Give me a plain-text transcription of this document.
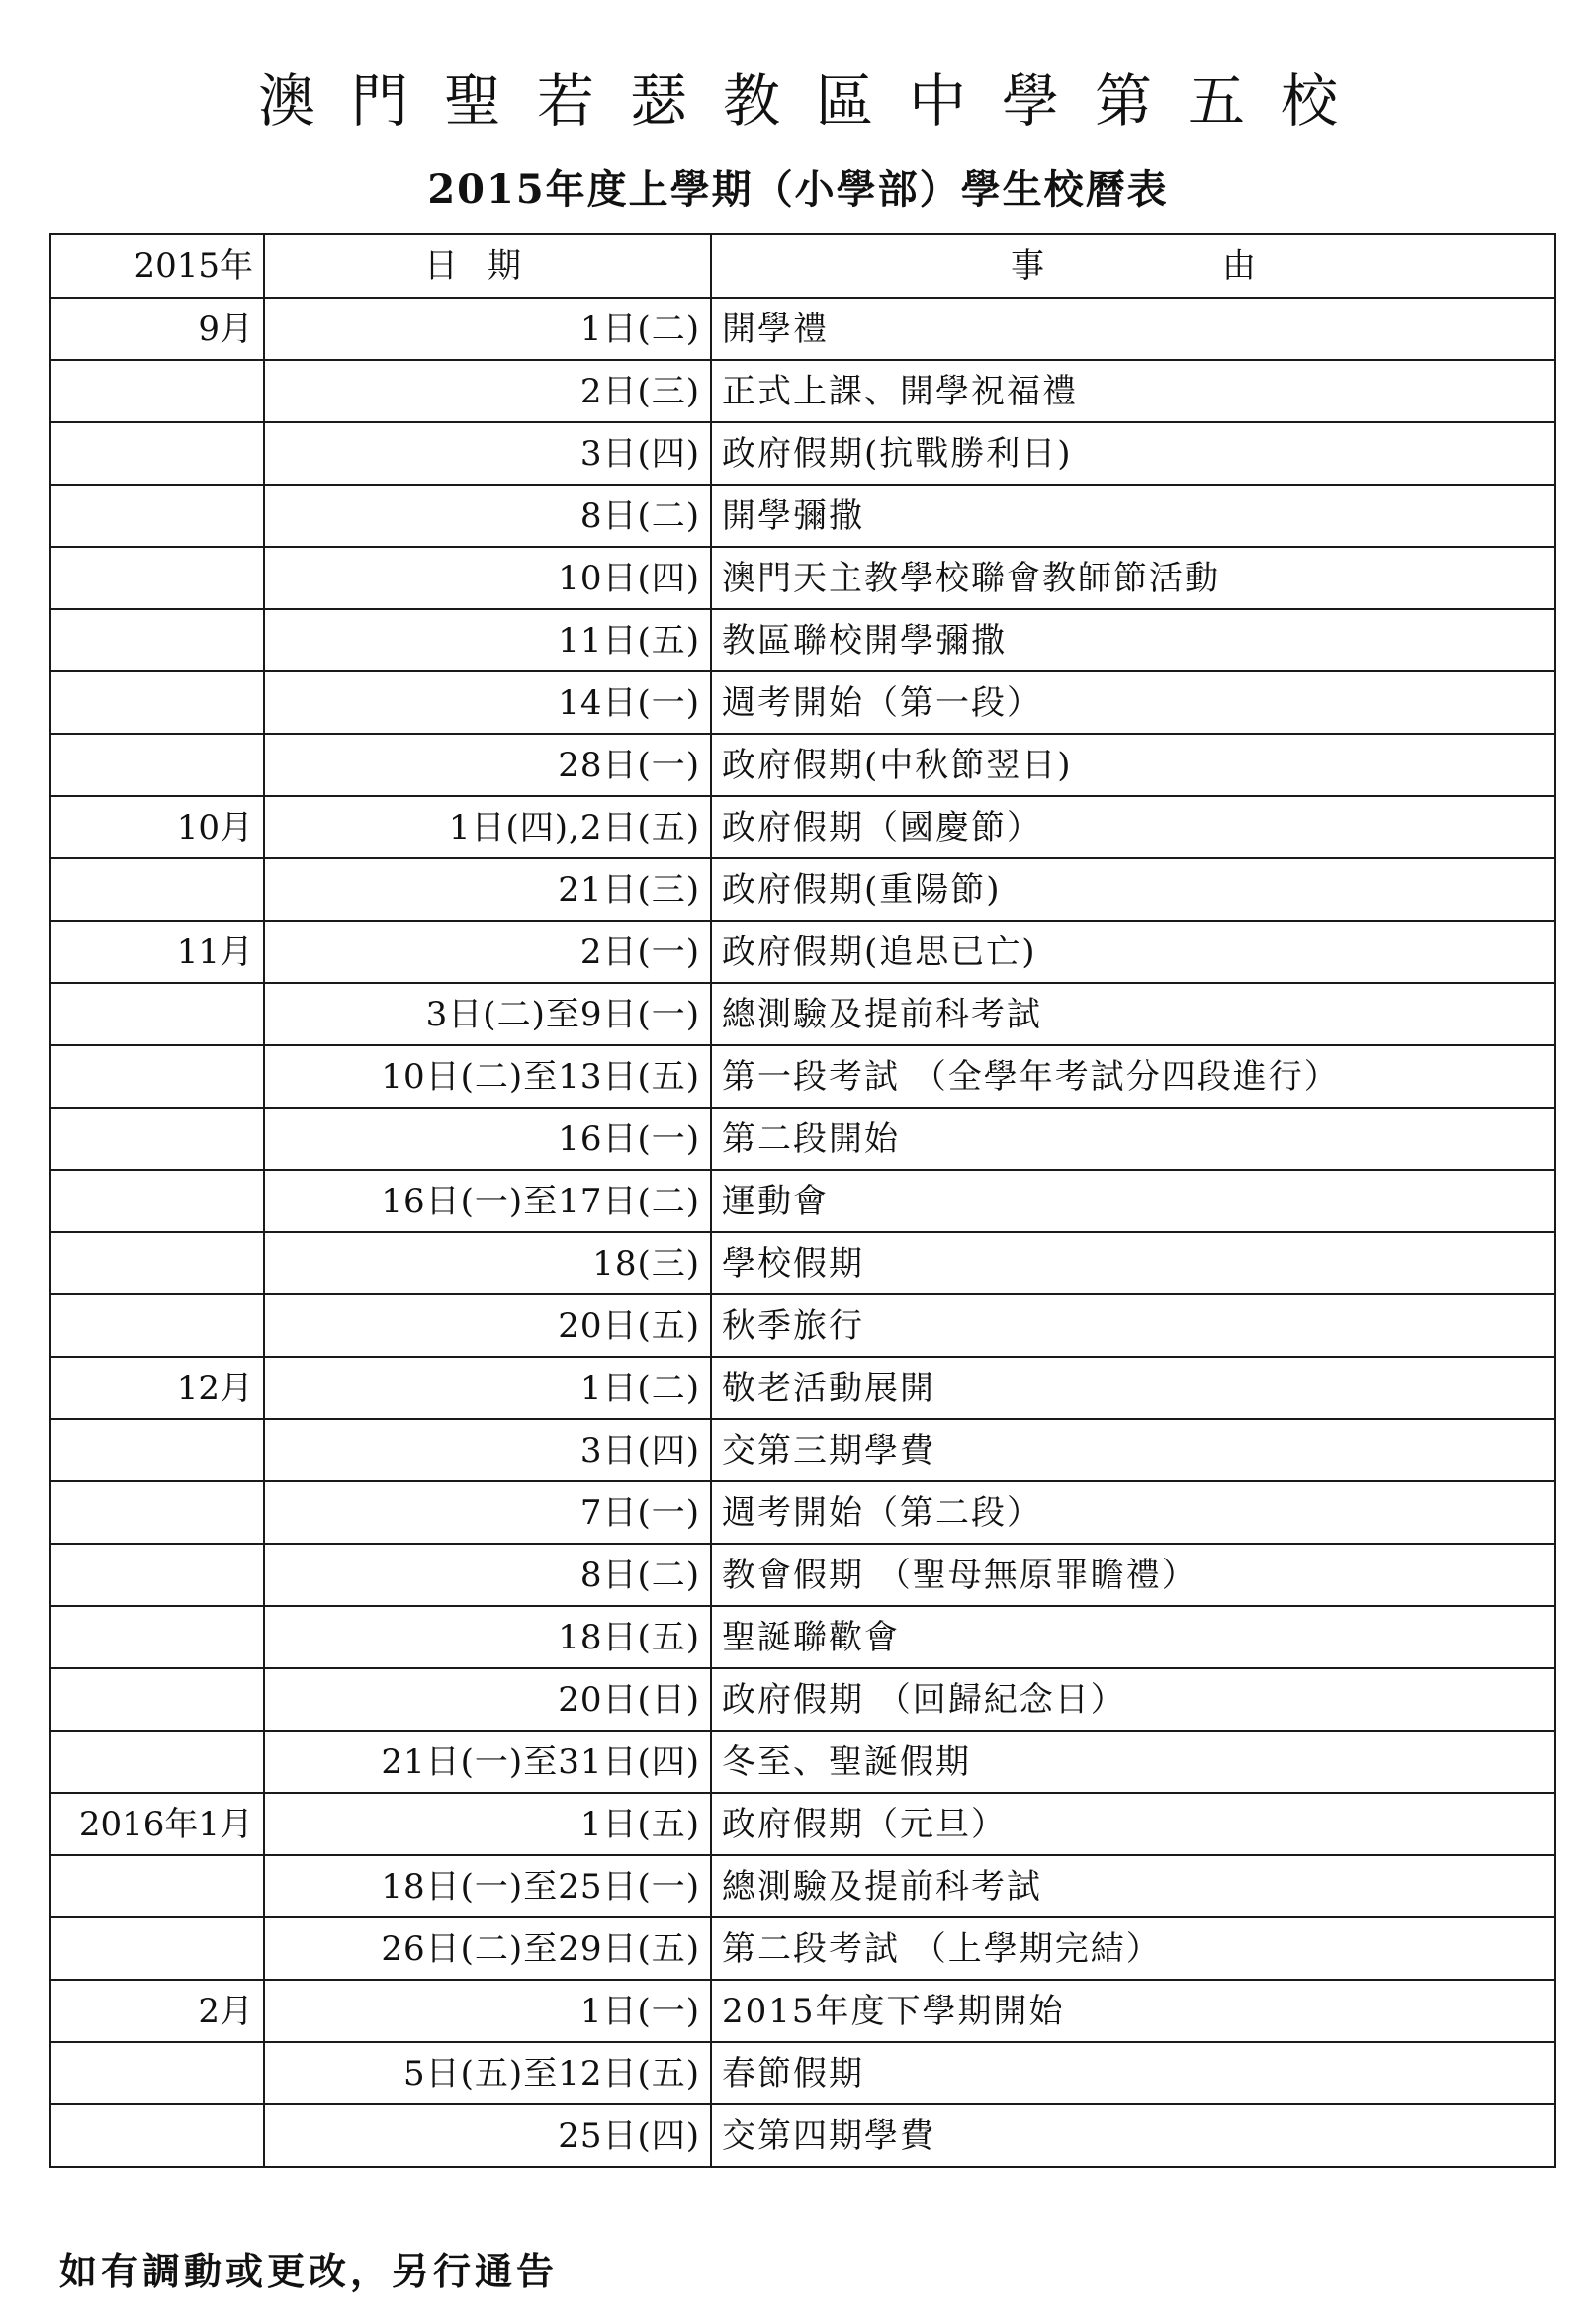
澳門聖若瑟教區中學第五校
2015年度上學期（小學部）學生校曆表
2015年	日期	事由
9月	1日(二)	開學禮
	2日(三)	正式上課、開學祝福禮
	3日(四)	政府假期(抗戰勝利日)
	8日(二)	開學彌撒
	10日(四)	澳門天主教學校聯會教師節活動
	11日(五)	教區聯校開學彌撒
	14日(一)	週考開始（第一段）
	28日(一)	政府假期(中秋節翌日)
10月	1日(四),2日(五)	政府假期（國慶節）
	21日(三)	政府假期(重陽節)
11月	2日(一)	政府假期(追思已亡)
	3日(二)至9日(一)	總測驗及提前科考試
	10日(二)至13日(五)	第一段考試 （全學年考試分四段進行）
	16日(一)	第二段開始
	16日(一)至17日(二)	運動會
	18(三)	學校假期
	20日(五)	秋季旅行
12月	1日(二)	敬老活動展開
	3日(四)	交第三期學費
	7日(一)	週考開始（第二段）
	8日(二)	教會假期 （聖母無原罪瞻禮）
	18日(五)	聖誕聯歡會
	20日(日)	政府假期 （回歸紀念日）
	21日(一)至31日(四)	冬至、聖誕假期
2016年1月	1日(五)	政府假期（元旦）
	18日(一)至25日(一)	總測驗及提前科考試
	26日(二)至29日(五)	第二段考試 （上學期完結）
2月	1日(一)	2015年度下學期開始
	5日(五)至12日(五)	春節假期
	25日(四)	交第四期學費

如有調動或更改，另行通告
